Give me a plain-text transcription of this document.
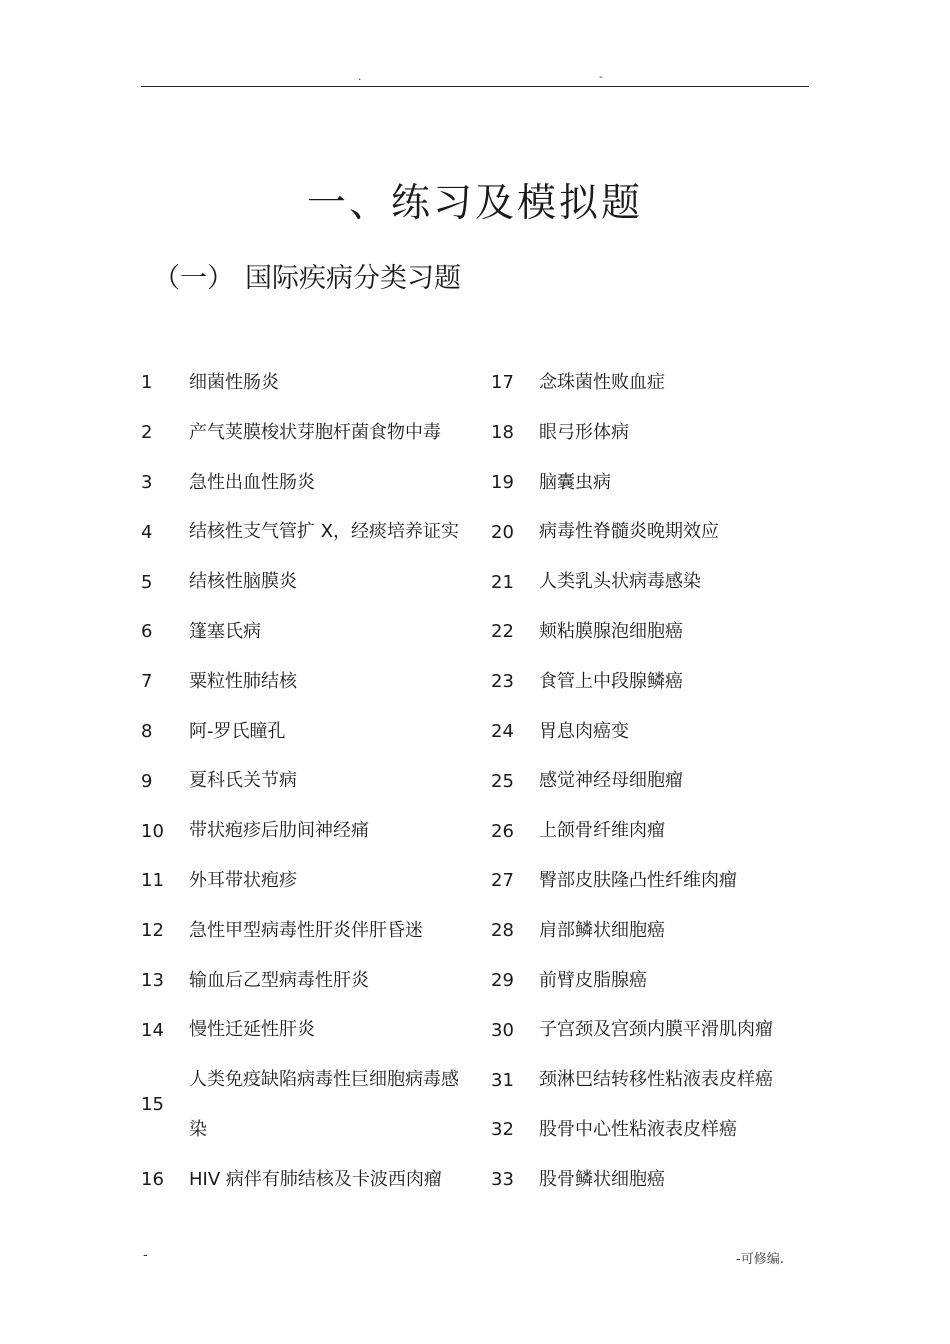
.	-
一、练习及模拟题
（一） 国际疾病分类习题
1	细菌性肠炎
2	产气荚膜梭状芽胞杆菌食物中毒
3	急性出血性肠炎
4	结核性支气管扩 X，经痰培养证实
5	结核性脑膜炎
6	篷塞氏病
7	粟粒性肺结核
8	阿-罗氏瞳孔
9	夏科氏关节病
10	带状疱疹后肋间神经痛
11	外耳带状疱疹
12	急性甲型病毒性肝炎伴肝昏迷
13	输血后乙型病毒性肝炎
14	慢性迁延性肝炎
15
人类免疫缺陷病毒性巨细胞病毒感
染
16	HIV 病伴有肺结核及卡波西肉瘤
17	念珠菌性败血症
18	眼弓形体病
19	脑囊虫病
20	病毒性脊髓炎晚期效应
21	人类乳头状病毒感染
22	颊粘膜腺泡细胞癌
23	食管上中段腺鳞癌
24	胃息肉癌变
25	感觉神经母细胞瘤
26	上颌骨纤维肉瘤
27	臀部皮肤隆凸性纤维肉瘤
28	肩部鳞状细胞癌
29	前臂皮脂腺癌
30	子宫颈及宫颈内膜平滑肌肉瘤
31	颈淋巴结转移性粘液表皮样癌
32	股骨中心性粘液表皮样癌
33	股骨鳞状细胞癌
-	-可修编.
